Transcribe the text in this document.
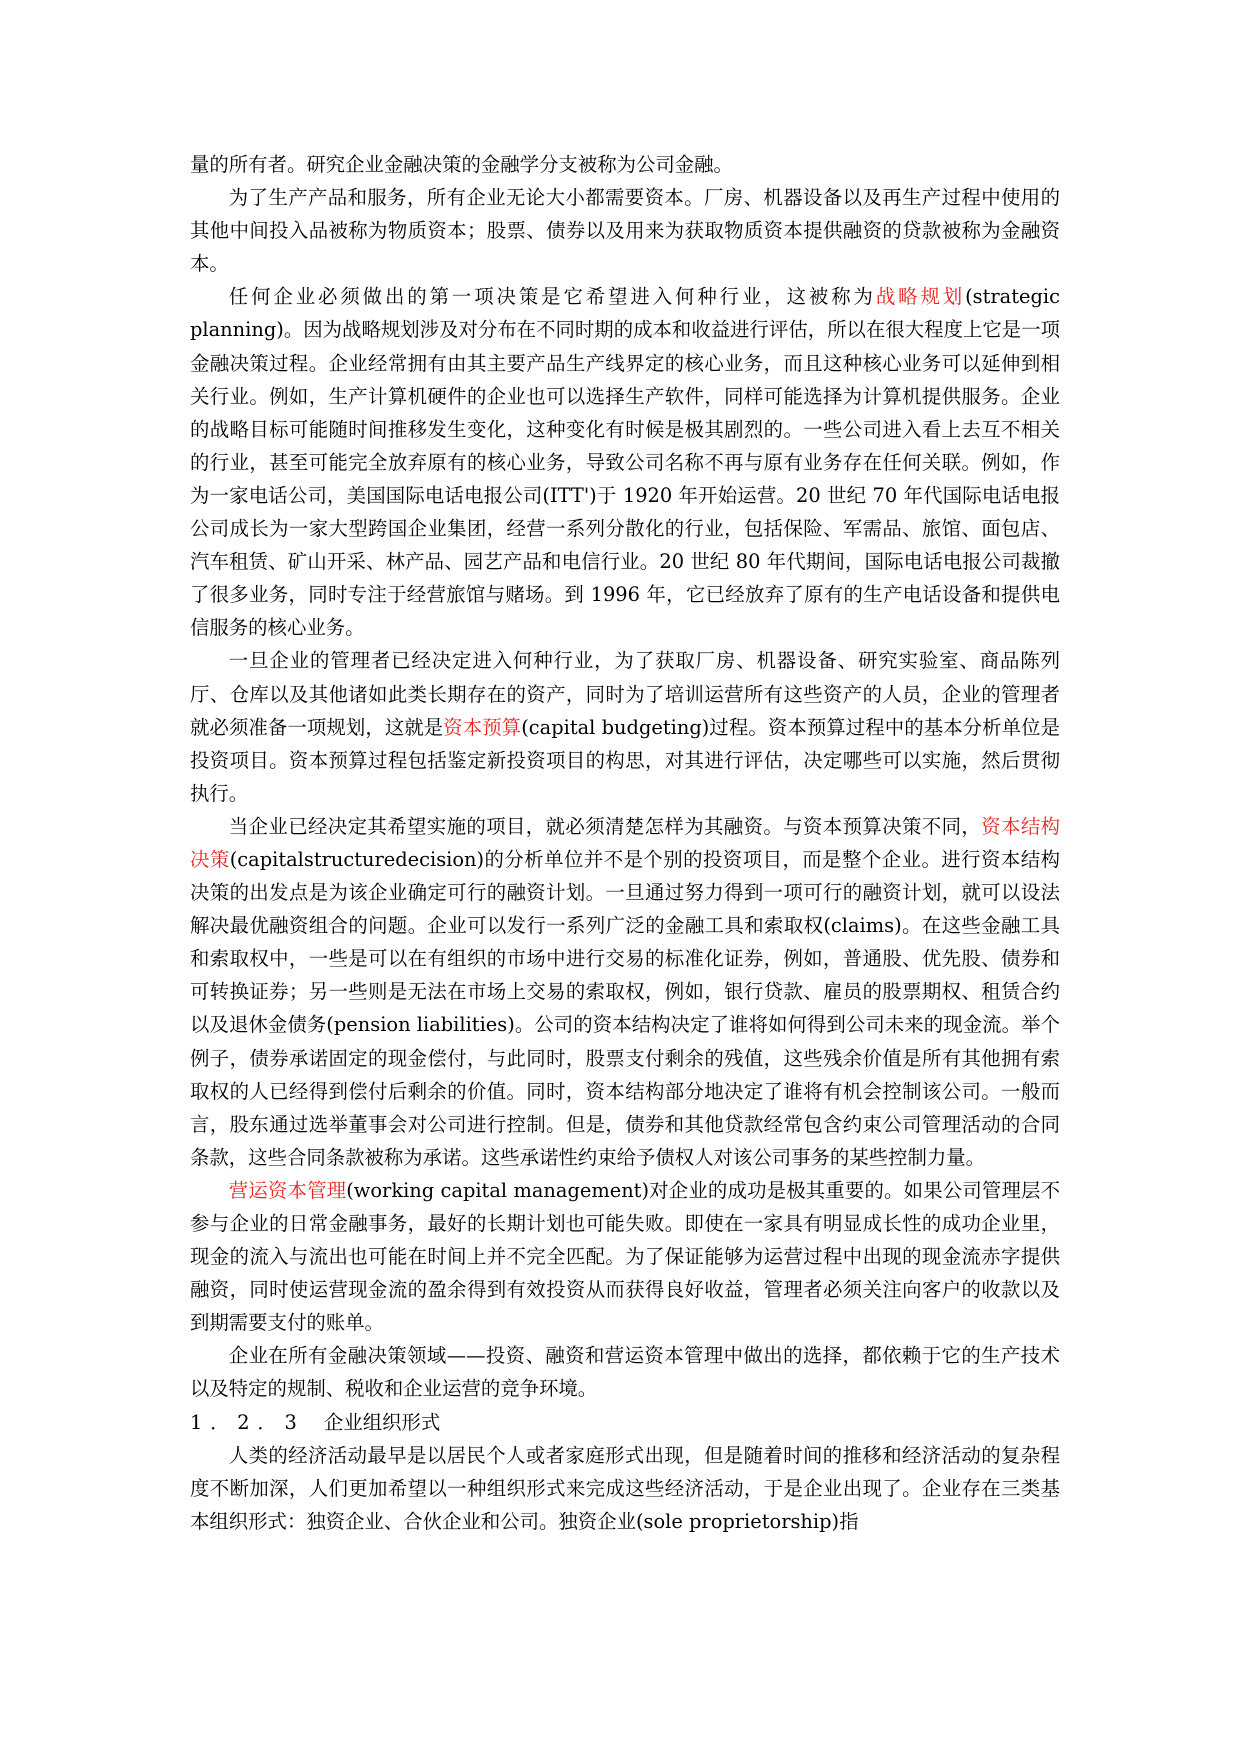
量的所有者。研究企业金融决策的金融学分支被称为公司金融。

为了生产产品和服务，所有企业无论大小都需要资本。厂房、机器设备以及再生产过程中使用的其他中间投入品被称为物质资本；股票、债券以及用来为获取物质资本提供融资的贷款被称为金融资本。

任何企业必须做出的第一项决策是它希望进入何种行业，这被称为战略规划(strategic planning)。因为战略规划涉及对分布在不同时期的成本和收益进行评估，所以在很大程度上它是一项金融决策过程。企业经常拥有由其主要产品生产线界定的核心业务，而且这种核心业务可以延伸到相关行业。例如，生产计算机硬件的企业也可以选择生产软件，同样可能选择为计算机提供服务。企业的战略目标可能随时间推移发生变化，这种变化有时候是极其剧烈的。一些公司进入看上去互不相关的行业，甚至可能完全放弃原有的核心业务，导致公司名称不再与原有业务存在任何关联。例如，作为一家电话公司，美国国际电话电报公司(ITT')于 1920 年开始运营。20 世纪 70 年代国际电话电报公司成长为一家大型跨国企业集团，经营一系列分散化的行业，包括保险、军需品、旅馆、面包店、汽车租赁、矿山开采、林产品、园艺产品和电信行业。20 世纪 80 年代期间，国际电话电报公司裁撤了很多业务，同时专注于经营旅馆与赌场。到 1996 年，它已经放弃了原有的生产电话设备和提供电信服务的核心业务。

一旦企业的管理者已经决定进入何种行业，为了获取厂房、机器设备、研究实验室、商品陈列厅、仓库以及其他诸如此类长期存在的资产，同时为了培训运营所有这些资产的人员，企业的管理者就必须准备一项规划，这就是资本预算(capital budgeting)过程。资本预算过程中的基本分析单位是投资项目。资本预算过程包括鉴定新投资项目的构思，对其进行评估，决定哪些可以实施，然后贯彻执行。

当企业已经决定其希望实施的项目，就必须清楚怎样为其融资。与资本预算决策不同，资本结构决策(capitalstructuredecision)的分析单位并不是个别的投资项目，而是整个企业。进行资本结构决策的出发点是为该企业确定可行的融资计划。一旦通过努力得到一项可行的融资计划，就可以设法解决最优融资组合的问题。企业可以发行一系列广泛的金融工具和索取权(claims)。在这些金融工具和索取权中，一些是可以在有组织的市场中进行交易的标准化证券，例如，普通股、优先股、债券和可转换证券；另一些则是无法在市场上交易的索取权，例如，银行贷款、雇员的股票期权、租赁合约以及退休金债务(pension liabilities)。公司的资本结构决定了谁将如何得到公司未来的现金流。举个例子，债券承诺固定的现金偿付，与此同时，股票支付剩余的残值，这些残余价值是所有其他拥有索取权的人已经得到偿付后剩余的价值。同时，资本结构部分地决定了谁将有机会控制该公司。一般而言，股东通过选举董事会对公司进行控制。但是，债券和其他贷款经常包含约束公司管理活动的合同条款，这些合同条款被称为承诺。这些承诺性约束给予债权人对该公司事务的某些控制力量。

营运资本管理(working capital management)对企业的成功是极其重要的。如果公司管理层不参与企业的日常金融事务，最好的长期计划也可能失败。即使在一家具有明显成长性的成功企业里，现金的流入与流出也可能在时间上并不完全匹配。为了保证能够为运营过程中出现的现金流赤字提供融资，同时使运营现金流的盈余得到有效投资从而获得良好收益，管理者必须关注向客户的收款以及到期需要支付的账单。

企业在所有金融决策领域——投资、融资和营运资本管理中做出的选择，都依赖于它的生产技术以及特定的规制、税收和企业运营的竞争环境。

1．2．3　 企业组织形式

人类的经济活动最早是以居民个人或者家庭形式出现，但是随着时间的推移和经济活动的复杂程度不断加深，人们更加希望以一种组织形式来完成这些经济活动，于是企业出现了。企业存在三类基本组织形式：独资企业、合伙企业和公司。独资企业(sole proprietorship)指
